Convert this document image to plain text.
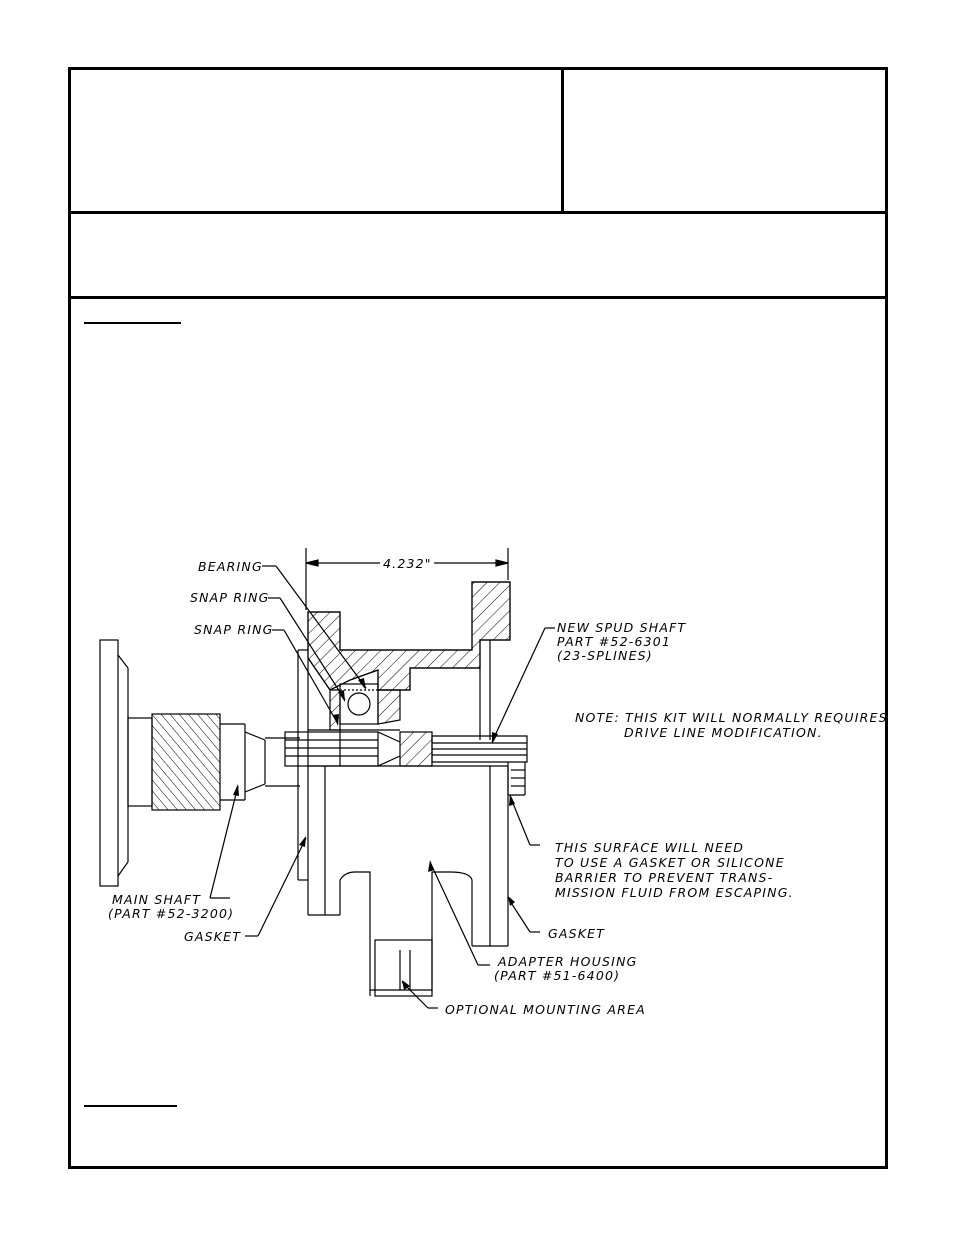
4.232"
BEARING
SNAP RING
SNAP RING	NEW SPUD SHAFT
PART #52-6301
(23-SPLINES)
NOTE: THIS KIT WILL NORMALLY REQUIRES
DRIVE LINE MODIFICATION.
THIS SURFACE WILL NEED
TO USE A GASKET OR SILICONE
BARRIER TO PREVENT TRANS-
MISSION FLUID FROM ESCAPING.
MAIN SHAFT
(PART #52-3200)
GASKET	GASKET
ADAPTER HOUSING
(PART #51-6400)
OPTIONAL MOUNTING AREA
